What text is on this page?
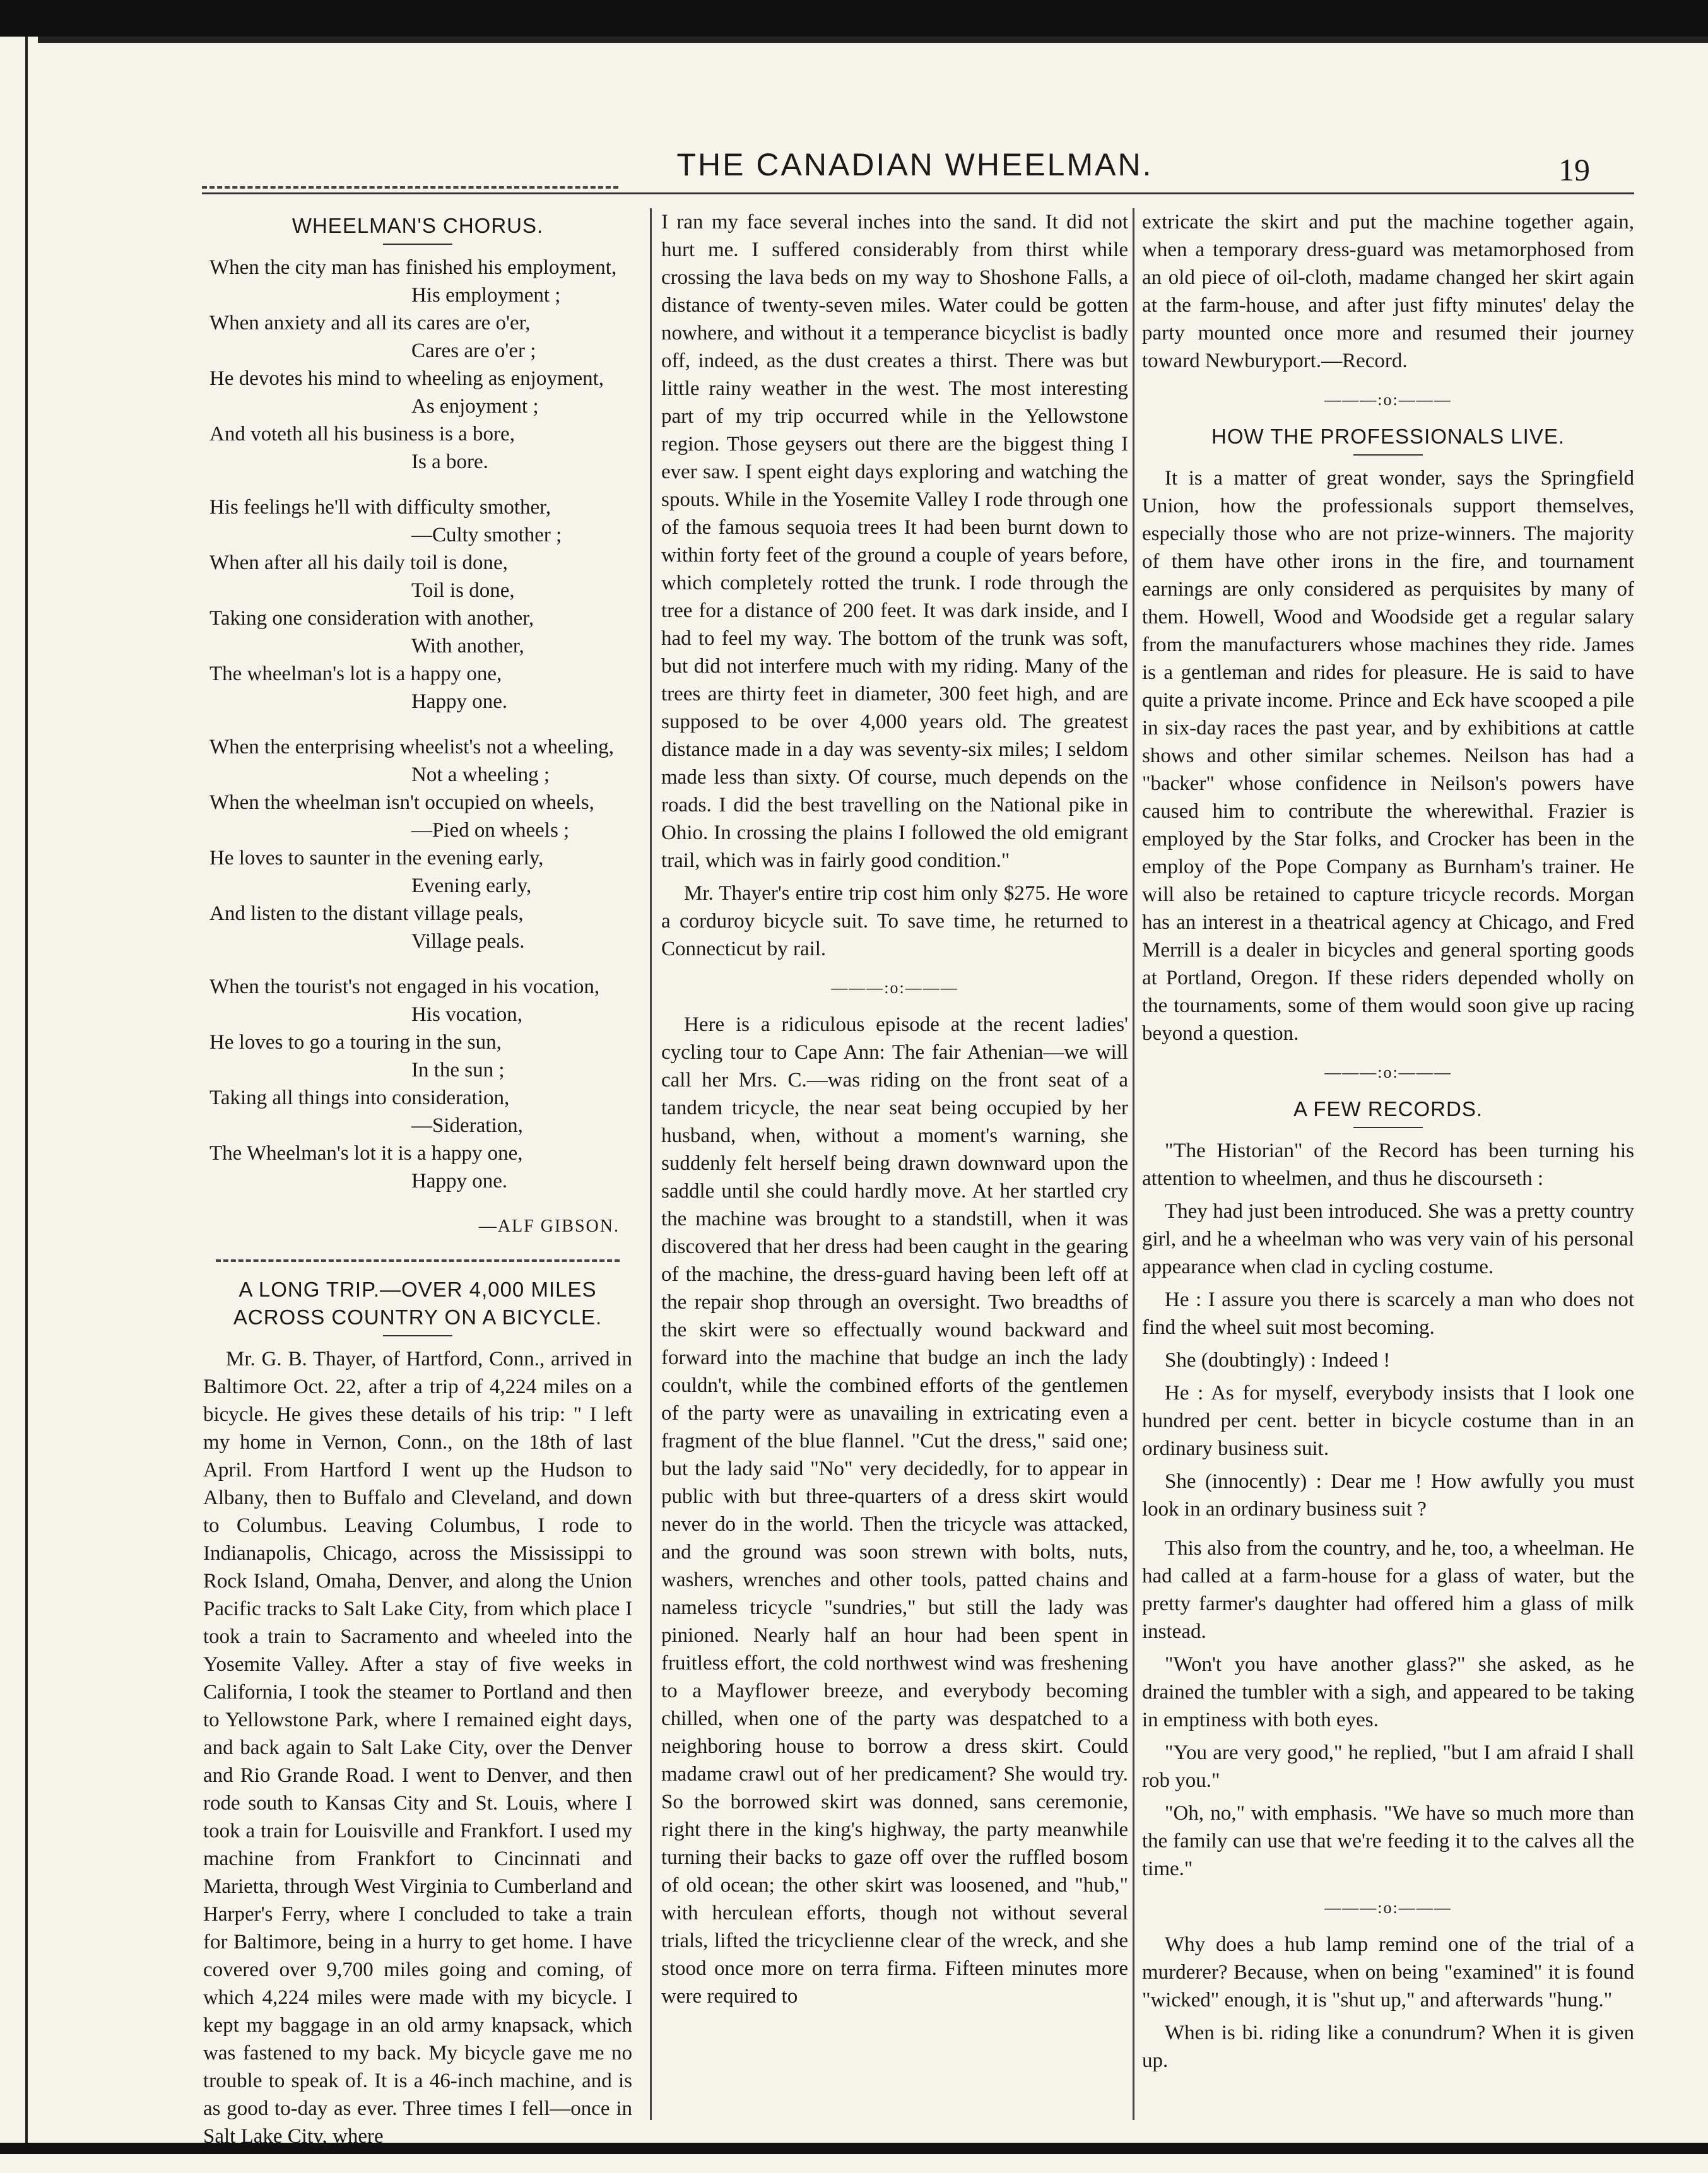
THE CANADIAN WHEELMAN.	19
WHEELMAN'S CHORUS.
When the city man has finished his employment,
His employment ;
When anxiety and all its cares are o'er,
Cares are o'er ;
He devotes his mind to wheeling as enjoyment,
As enjoyment ;
And voteth all his business is a bore,
Is a bore.
His feelings he'll with difficulty smother,
—Culty smother ;
When after all his daily toil is done,
Toil is done,
Taking one consideration with another,
With another,
The wheelman's lot is a happy one,
Happy one.
When the enterprising wheelist's not a wheeling,
Not a wheeling ;
When the wheelman isn't occupied on wheels,
—Pied on wheels ;
He loves to saunter in the evening early,
Evening early,
And listen to the distant village peals,
Village peals.
When the tourist's not engaged in his vocation,
His vocation,
He loves to go a touring in the sun,
In the sun ;
Taking all things into consideration,
—Sideration,
The Wheelman's lot it is a happy one,
Happy one.
—ALF GIBSON.
A LONG TRIP.—OVER 4,000 MILES ACROSS COUNTRY ON A BICYCLE.

Mr. G. B. Thayer, of Hartford, Conn., arrived in Baltimore Oct. 22, after a trip of 4,224 miles on a bicycle. He gives these details of his trip: " I left my home in Vernon, Conn., on the 18th of last April. From Hartford I went up the Hudson to Albany, then to Buffalo and Cleveland, and down to Columbus. Leaving Columbus, I rode to Indianapolis, Chicago, across the Mississippi to Rock Island, Omaha, Denver, and along the Union Pacific tracks to Salt Lake City, from which place I took a train to Sacramento and wheeled into the Yosemite Valley. After a stay of five weeks in California, I took the steamer to Portland and then to Yellowstone Park, where I remained eight days, and back again to Salt Lake City, over the Denver and Rio Grande Road. I went to Denver, and then rode south to Kansas City and St. Louis, where I took a train for Louisville and Frankfort. I used my machine from Frankfort to Cincinnati and Marietta, through West Virginia to Cumberland and Harper's Ferry, where I concluded to take a train for Baltimore, being in a hurry to get home. I have covered over 9,700 miles going and coming, of which 4,224 miles were made with my bicycle. I kept my baggage in an old army knapsack, which was fastened to my back. My bicycle gave me no trouble to speak of. It is a 46-inch machine, and is as good to-day as ever. Three times I fell—once in Salt Lake City, where

I ran my face several inches into the sand. It did not hurt me. I suffered considerably from thirst while crossing the lava beds on my way to Shoshone Falls, a distance of twenty-seven miles. Water could be gotten nowhere, and without it a temperance bicyclist is badly off, indeed, as the dust creates a thirst. There was but little rainy weather in the west. The most interesting part of my trip occurred while in the Yellowstone region. Those geysers out there are the biggest thing I ever saw. I spent eight days exploring and watching the spouts. While in the Yosemite Valley I rode through one of the famous sequoia trees It had been burnt down to within forty feet of the ground a couple of years before, which completely rotted the trunk. I rode through the tree for a distance of 200 feet. It was dark inside, and I had to feel my way. The bottom of the trunk was soft, but did not interfere much with my riding. Many of the trees are thirty feet in diameter, 300 feet high, and are supposed to be over 4,000 years old. The greatest distance made in a day was seventy-six miles; I seldom made less than sixty. Of course, much depends on the roads. I did the best travelling on the National pike in Ohio. In crossing the plains I followed the old emigrant trail, which was in fairly good condition."

Mr. Thayer's entire trip cost him only $275. He wore a corduroy bicycle suit. To save time, he returned to Connecticut by rail.

———:o:———

Here is a ridiculous episode at the recent ladies' cycling tour to Cape Ann: The fair Athenian—we will call her Mrs. C.—was riding on the front seat of a tandem tricycle, the near seat being occupied by her husband, when, without a moment's warning, she suddenly felt herself being drawn downward upon the saddle until she could hardly move. At her startled cry the machine was brought to a standstill, when it was discovered that her dress had been caught in the gearing of the machine, the dress-guard having been left off at the repair shop through an oversight. Two breadths of the skirt were so effectually wound backward and forward into the machine that budge an inch the lady couldn't, while the combined efforts of the gentlemen of the party were as unavailing in extricating even a fragment of the blue flannel. "Cut the dress," said one; but the lady said "No" very decidedly, for to appear in public with but three-quarters of a dress skirt would never do in the world. Then the tricycle was attacked, and the ground was soon strewn with bolts, nuts, washers, wrenches and other tools, patted chains and nameless tricycle "sundries," but still the lady was pinioned. Nearly half an hour had been spent in fruitless effort, the cold northwest wind was freshening to a Mayflower breeze, and everybody becoming chilled, when one of the party was despatched to a neighboring house to borrow a dress skirt. Could madame crawl out of her predicament? She would try. So the borrowed skirt was donned, sans ceremonie, right there in the king's highway, the party meanwhile turning their backs to gaze off over the ruffled bosom of old ocean; the other skirt was loosened, and "hub," with herculean efforts, though not without several trials, lifted the tricyclienne clear of the wreck, and she stood once more on terra firma. Fifteen minutes more were required to

extricate the skirt and put the machine together again, when a temporary dress-guard was metamorphosed from an old piece of oil-cloth, madame changed her skirt again at the farm-house, and after just fifty minutes' delay the party mounted once more and resumed their journey toward Newburyport.—Record.

———:o:———
HOW THE PROFESSIONALS LIVE.

It is a matter of great wonder, says the Springfield Union, how the professionals support themselves, especially those who are not prize-winners. The majority of them have other irons in the fire, and tournament earnings are only considered as perquisites by many of them. Howell, Wood and Woodside get a regular salary from the manufacturers whose machines they ride. James is a gentleman and rides for pleasure. He is said to have quite a private income. Prince and Eck have scooped a pile in six-day races the past year, and by exhibitions at cattle shows and other similar schemes. Neilson has had a "backer" whose confidence in Neilson's powers have caused him to contribute the wherewithal. Frazier is employed by the Star folks, and Crocker has been in the employ of the Pope Company as Burnham's trainer. He will also be retained to capture tricycle records. Morgan has an interest in a theatrical agency at Chicago, and Fred Merrill is a dealer in bicycles and general sporting goods at Portland, Oregon. If these riders depended wholly on the tournaments, some of them would soon give up racing beyond a question.

———:o:———
A FEW RECORDS.

"The Historian" of the Record has been turning his attention to wheelmen, and thus he discourseth :

They had just been introduced. She was a pretty country girl, and he a wheelman who was very vain of his personal appearance when clad in cycling costume.

He : I assure you there is scarcely a man who does not find the wheel suit most becoming.

She (doubtingly) : Indeed !

He : As for myself, everybody insists that I look one hundred per cent. better in bicycle costume than in an ordinary business suit.

She (innocently) : Dear me ! How awfully you must look in an ordinary business suit ?

This also from the country, and he, too, a wheelman. He had called at a farm-house for a glass of water, but the pretty farmer's daughter had offered him a glass of milk instead.

"Won't you have another glass?" she asked, as he drained the tumbler with a sigh, and appeared to be taking in emptiness with both eyes.

"You are very good," he replied, "but I am afraid I shall rob you."

"Oh, no," with emphasis. "We have so much more than the family can use that we're feeding it to the calves all the time."

———:o:———

Why does a hub lamp remind one of the trial of a murderer? Because, when on being "examined" it is found "wicked" enough, it is "shut up," and afterwards "hung."

When is bi. riding like a conundrum? When it is given up.
